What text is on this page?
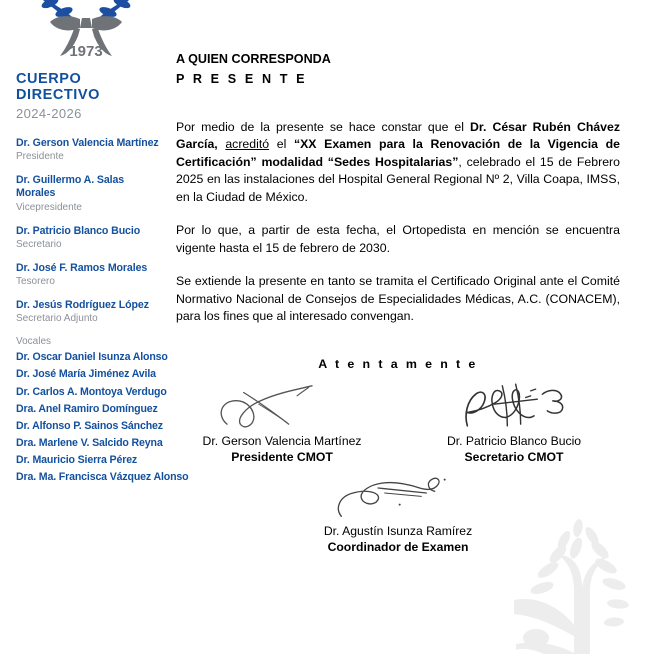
1973
CUERPO DIRECTIVO
2024-2026
Dr. Gerson Valencia Martínez
Presidente
Dr. Guillermo A. Salas Morales
Vicepresidente
Dr. Patricio Blanco Bucio
Secretario
Dr. José F. Ramos Morales
Tesorero
Dr. Jesús Rodríguez López
Secretario Adjunto
Vocales
Dr. Oscar Daniel Isunza Alonso
Dr. José María Jiménez Avila
Dr. Carlos A. Montoya Verdugo
Dra. Anel Ramiro Domínguez
Dr. Alfonso P. Sainos Sánchez
Dra. Marlene V. Salcido Reyna
Dr. Mauricio Sierra Pérez
Dra. Ma. Francisca Vázquez Alonso
A QUIEN CORRESPONDA
P R E S E N T E

Por medio de la presente se hace constar que el Dr. César Rubén Chávez García, acreditó el “XX Examen para la Renovación de la Vigencia de Certificación” modalidad “Sedes Hospitalarias”, celebrado el 15 de Febrero 2025 en las instalaciones del Hospital General Regional Nº 2, Villa Coapa, IMSS, en la Ciudad de México.

Por lo que, a partir de esta fecha, el Ortopedista en mención se encuentra vigente hasta el 15 de febrero de 2030.

Se extiende la presente en tanto se tramita el Certificado Original ante el Comité Normativo Nacional de Consejos de Especialidades Médicas, A.C. (CONACEM), para los fines que al interesado convengan.

A t e n t a m e n t e
Dr. Gerson Valencia Martínez
Presidente CMOT
Dr. Patricio Blanco Bucio
Secretario CMOT
Dr. Agustín Isunza Ramírez
Coordinador de Examen
